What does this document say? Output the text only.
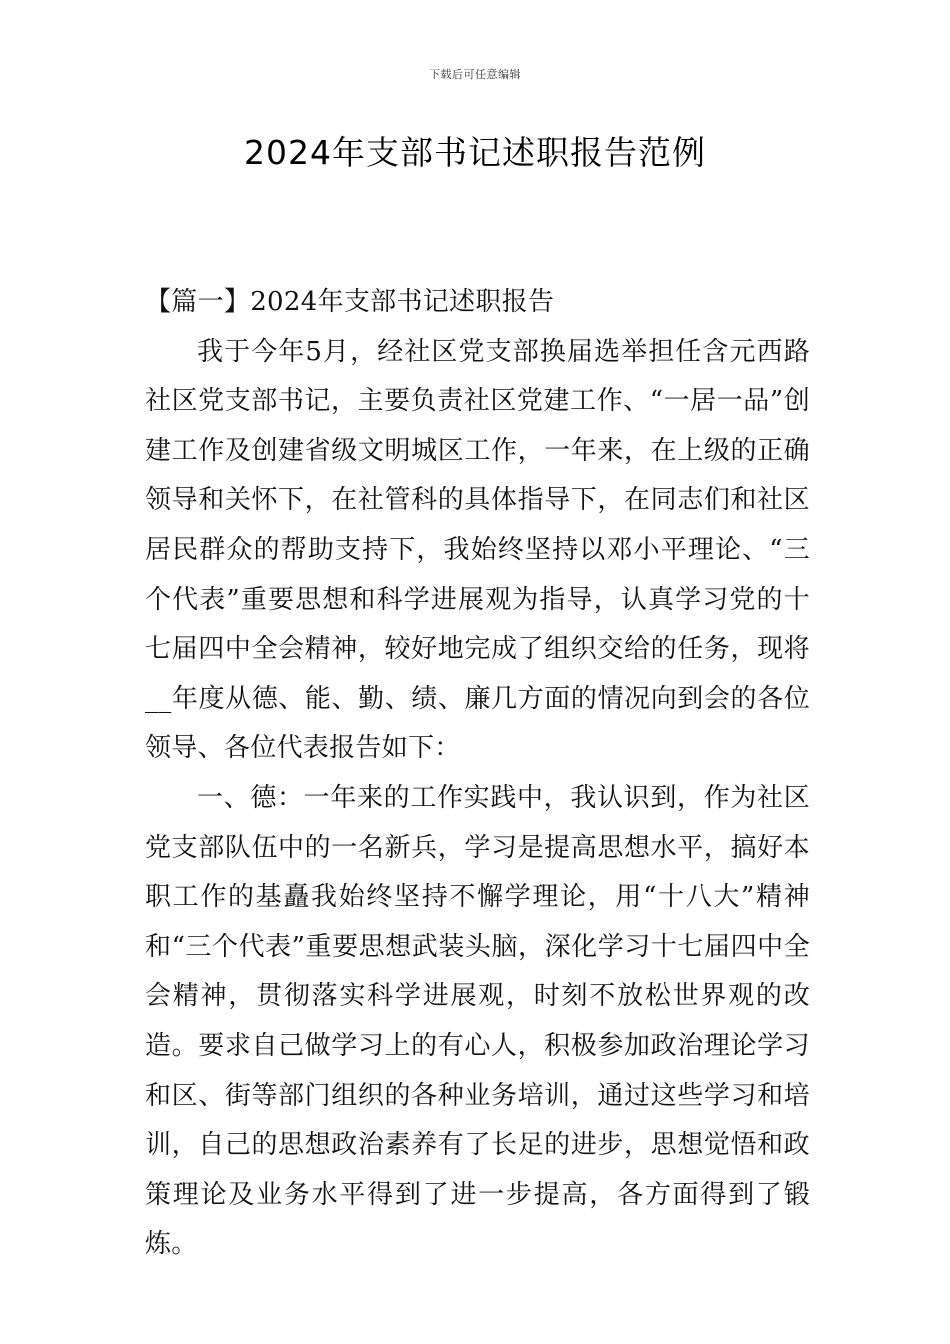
下载后可任意编辑
2024年支部书记述职报告范例

【篇一】2024年支部书记述职报告

我于今年5月，经社区党支部换届选举担任含元西路社区党支部书记，主要负责社区党建工作、“一居一品”创建工作及创建省级文明城区工作，一年来，在上级的正确领导和关怀下，在社管科的具体指导下，在同志们和社区居民群众的帮助支持下，我始终坚持以邓小平理论、“三个代表”重要思想和科学进展观为指导，认真学习党的十七届四中全会精神，较好地完成了组织交给的任务，现将__年度从德、能、勤、绩、廉几方面的情况向到会的各位领导、各位代表报告如下：

一、德：一年来的工作实践中，我认识到，作为社区党支部队伍中的一名新兵，学习是提高思想水平，搞好本职工作的基矗我始终坚持不懈学理论，用“十八大”精神和“三个代表”重要思想武装头脑，深化学习十七届四中全会精神，贯彻落实科学进展观，时刻不放松世界观的改造。要求自己做学习上的有心人，积极参加政治理论学习和区、街等部门组织的各种业务培训，通过这些学习和培训，自己的思想政治素养有了长足的进步，思想觉悟和政策理论及业务水平得到了进一步提高，各方面得到了锻炼。
